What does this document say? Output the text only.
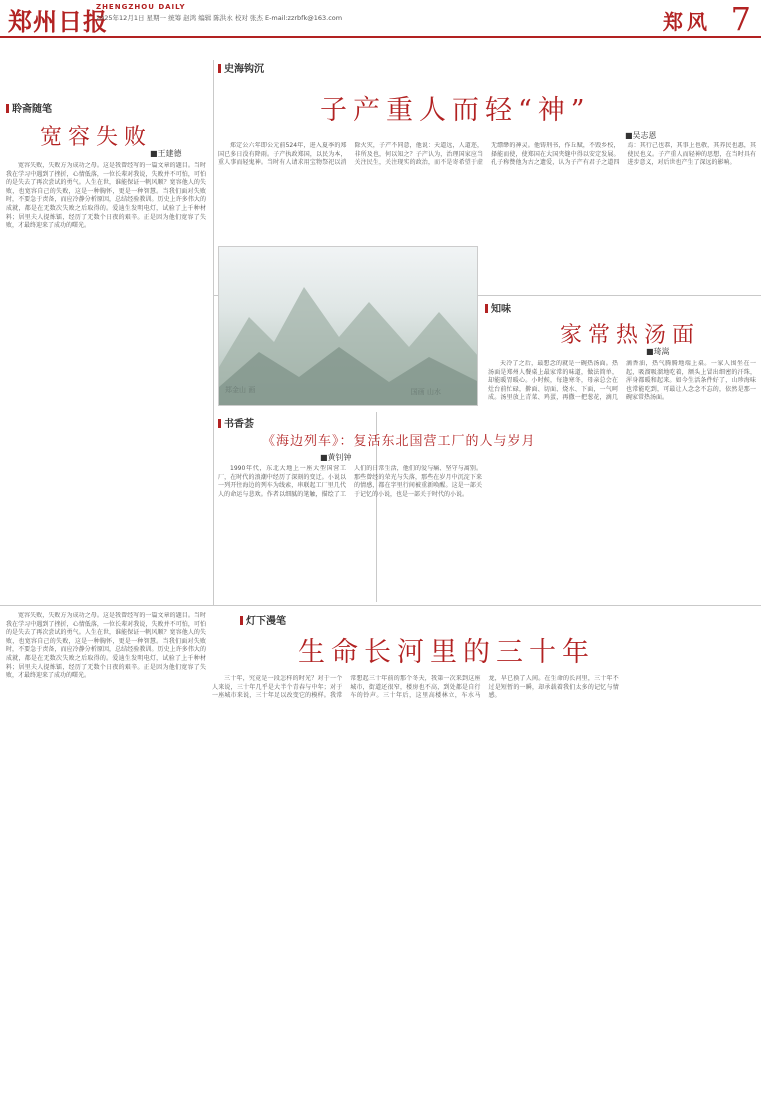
郑州日报
ZHENGZHOU DAILY
2025年12月1日 星期一 统筹 赵鸿 编辑 陈洪永 校对 张杰 E-mail:zzrbfk@163.com	郑风 7
聆斋随笔
史海钩沉
知味
书香荟
灯下漫笔
宽容失败
■王建德

宽容失败，失败方为成功之母。这是我曾经写的一篇文章的题目。当时我在学习中遇到了挫折，心情低落，一位长辈对我说，失败并不可怕，可怕的是失去了再次尝试的勇气。人生在世，谁能保证一帆风顺？宽容他人的失败，也宽容自己的失败，这是一种胸怀，更是一种智慧。当我们面对失败时，不要急于责备，而应冷静分析原因，总结经验教训。历史上许多伟大的成就，都是在无数次失败之后取得的。爱迪生发明电灯，试验了上千种材料；居里夫人提炼镭，经历了无数个日夜的艰辛。正是因为他们宽容了失败，才最终迎来了成功的曙光。

子产重人而轻“神”
■吴志恩

郑定公六年即公元前524年，进入夏季的郑国已多日没有降雨。子产执政郑国，以民为本，重人事而轻鬼神。当时有人请求用宝物祭祀以消除火灾，子产不同意，他说：天道远，人道迩，非所及也，何以知之？子产认为，治理国家应当关注民生，关注现实的政治，而不是寄希望于虚无缥缈的神灵。他铸刑书，作丘赋，不毁乡校，择能而使，使郑国在大国夹缝中得以安定发展。孔子称赞他为古之遗爱，认为子产有君子之道四焉：其行己也恭，其事上也敬，其养民也惠，其使民也义。子产重人而轻神的思想，在当时具有进步意义，对后世也产生了深远的影响。

郑金山 画	国画 山水
家常热汤面
■琦嵩

天冷了之后，最想念的就是一碗热汤面。热汤面是郑州人餐桌上最家常的味道，做法简单，却能暖胃暖心。小时候，每逢寒冬，母亲总会在灶台前忙碌，擀面、切面、烧水、下面，一气呵成。汤里放上青菜、鸡蛋，再撒一把葱花，滴几滴香油，热气腾腾地端上桌。一家人围坐在一起，吸溜吸溜地吃着，额头上冒出细密的汗珠，浑身都暖和起来。如今生活条件好了，山珍海味也常能吃到，可最让人念念不忘的，依然是那一碗家常热汤面。

《海边列车》：复活东北国营工厂的人与岁月
■黄钊钟

1990年代，东北大地上一座大型国营工厂，在时代的浪潮中经历了深刻的变迁。小说以一列开往海边的列车为线索，串联起工厂里几代人的命运与悲欢。作者以细腻的笔触，描绘了工人们的日常生活，他们的爱与痛、坚守与离别。那些曾经的荣光与失落，那些在岁月中沉淀下来的情感，都在字里行间被重新唤醒。这是一部关于记忆的小说，也是一部关于时代的小说。

生命长河里的三十年

三十年，究竟是一段怎样的时光？对于一个人来说，三十年几乎是大半个青春与中年；对于一座城市来说，三十年足以改变它的模样。我常常想起三十年前的那个冬天，我第一次来到这座城市，街道还很窄，楼房也不高，到处都是自行车的铃声。三十年后，这里高楼林立，车水马龙，早已换了人间。在生命的长河里，三十年不过是短暂的一瞬，却承载着我们太多的记忆与情感。

宽容失败，失败方为成功之母。这是我曾经写的一篇文章的题目。当时我在学习中遇到了挫折，心情低落，一位长辈对我说，失败并不可怕，可怕的是失去了再次尝试的勇气。人生在世，谁能保证一帆风顺？宽容他人的失败，也宽容自己的失败，这是一种胸怀，更是一种智慧。当我们面对失败时，不要急于责备，而应冷静分析原因，总结经验教训。历史上许多伟大的成就，都是在无数次失败之后取得的。爱迪生发明电灯，试验了上千种材料；居里夫人提炼镭，经历了无数个日夜的艰辛。正是因为他们宽容了失败，才最终迎来了成功的曙光。
